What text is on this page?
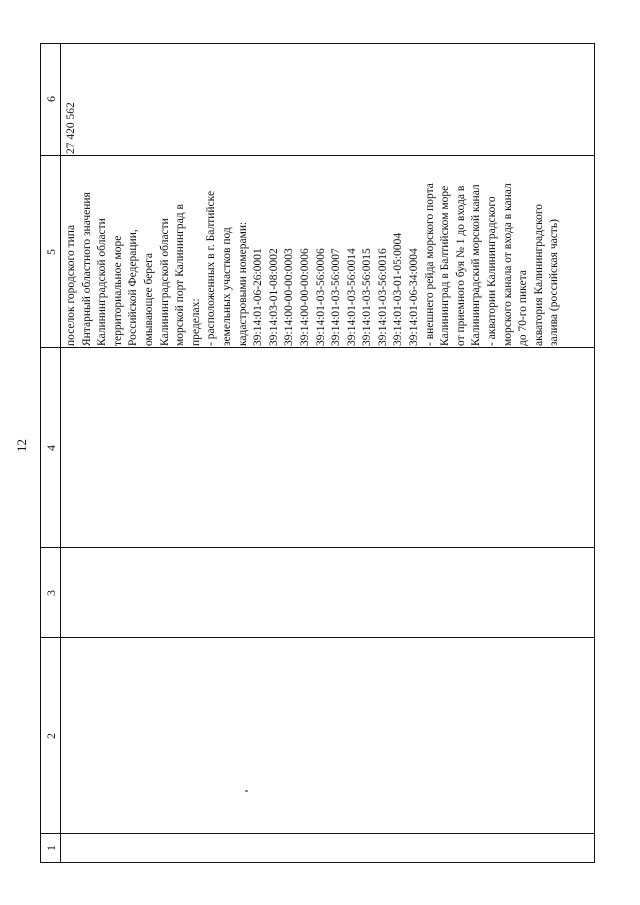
12
1
2
3
4
5
6
поселок городского типа Янтарный областного значения Калининградской области территориальное море Российской Федерации, омывающее берега Калининградской области морской порт Калининград в пределах: - расположенных в г. Балтийске земельных участков под кадастровыми номерами: 39:14:01-06-26:0001 39:14:03-01-08:0002 39:14:00-00-00:0003 39:14:00-00-00:0006 39:14:01-03-56:0006 39:14:01-03-56:0007 39:14:01-03-56:0014 39:14:01-03-56:0015 39:14:01-03-56:0016 39:14:01-03-01-05:0004 39:14:01-06-34:0004 - внешнего рейда морского порта Калининград в Балтийском море от приемного буя № 1 до входа в Калининградский морской канал - акватории Калининградского морского канала от входа в канал до 70-го пикета акватория Калининградского залива (российская часть)
27 420 562
